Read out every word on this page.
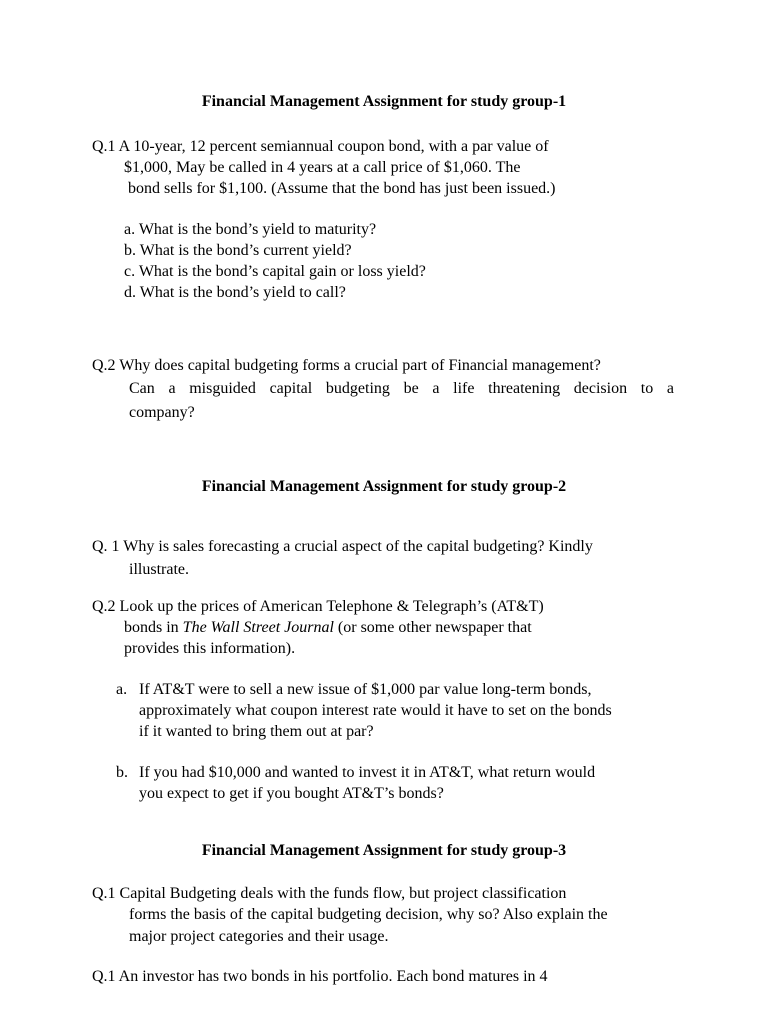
Financial Management Assignment for study group-1
Q.1 A 10-year, 12 percent semiannual coupon bond, with a par value of
$1,000, May be called in 4 years at a call price of $1,060. The
bond sells for $1,100. (Assume that the bond has just been issued.)
a. What is the bond’s yield to maturity?
b. What is the bond’s current yield?
c. What is the bond’s capital gain or loss yield?
d. What is the bond’s yield to call?
Q.2 Why does capital budgeting forms a crucial part of Financial management?
Can a misguided capital budgeting be a life threatening decision to a
company?
Financial Management Assignment for study group-2
Q. 1 Why is sales forecasting a crucial aspect of the capital budgeting? Kindly
illustrate.
Q.2 Look up the prices of American Telephone & Telegraph’s (AT&T)
bonds in The Wall Street Journal (or some other newspaper that
provides this information).
a. If AT&T were to sell a new issue of $1,000 par value long-term bonds,
approximately what coupon interest rate would it have to set on the bonds
if it wanted to bring them out at par?
b. If you had $10,000 and wanted to invest it in AT&T, what return would
you expect to get if you bought AT&T’s bonds?
Financial Management Assignment for study group-3
Q.1 Capital Budgeting deals with the funds flow, but project classification
forms the basis of the capital budgeting decision, why so? Also explain the
major project categories and their usage.
Q.1 An investor has two bonds in his portfolio. Each bond matures in 4
